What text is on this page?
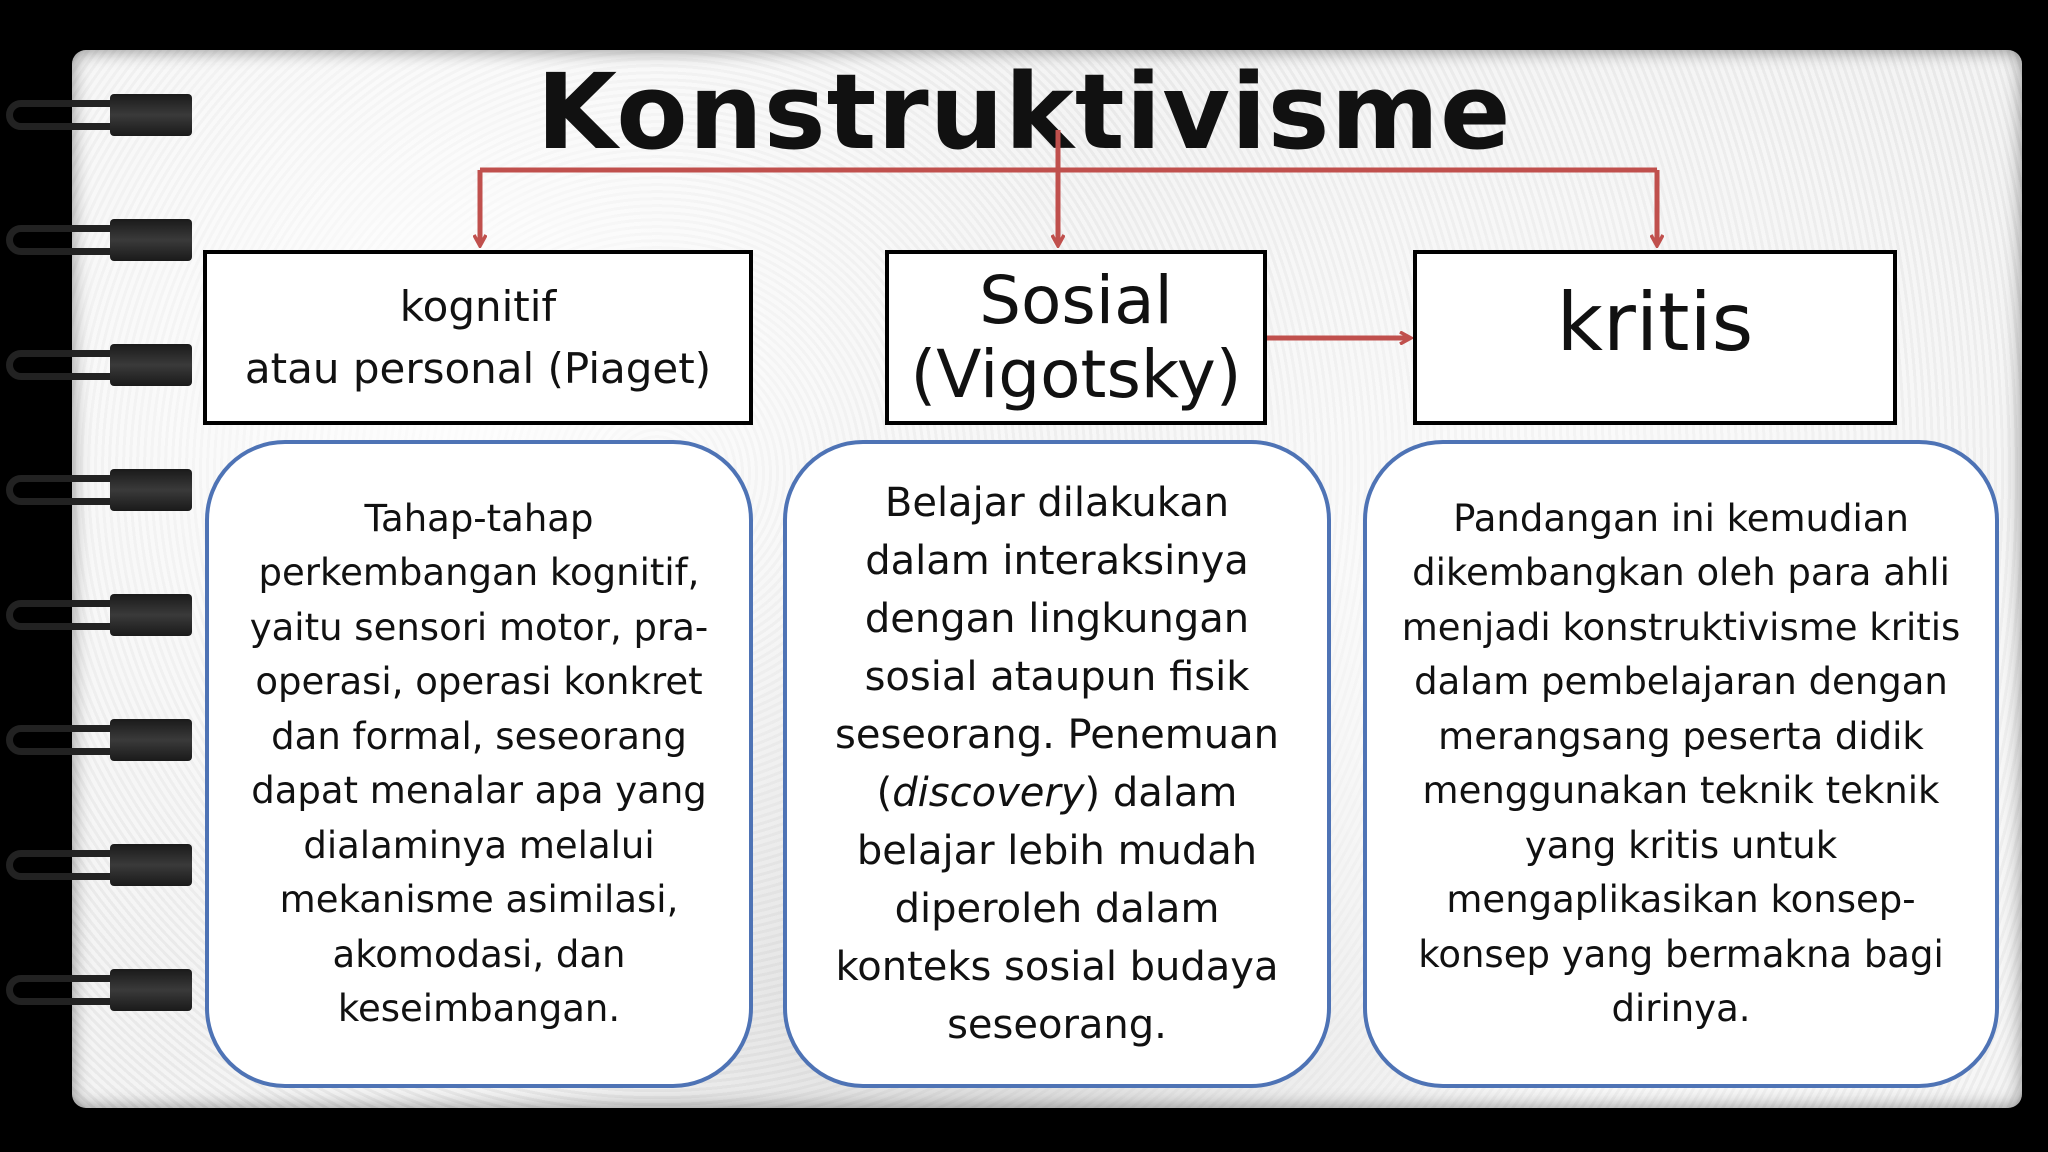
Konstruktivisme
kognitif
atau personal (Piaget)
Sosial
(Vigotsky)
kritis

Tahap-tahap perkembangan kognitif, yaitu sensori motor, pra-operasi, operasi konkret dan formal, seseorang dapat menalar apa yang dialaminya melalui mekanisme asimilasi, akomodasi, dan keseimbangan.

Belajar dilakukan dalam interaksinya dengan lingkungan sosial ataupun fisik seseorang. Penemuan (discovery) dalam belajar lebih mudah diperoleh dalam konteks sosial budaya seseorang.

Pandangan ini kemudian dikembangkan oleh para ahli menjadi konstruktivisme kritis dalam pembelajaran dengan merangsang peserta didik menggunakan teknik teknik yang kritis untuk mengaplikasikan konsep-konsep yang bermakna bagi dirinya.
